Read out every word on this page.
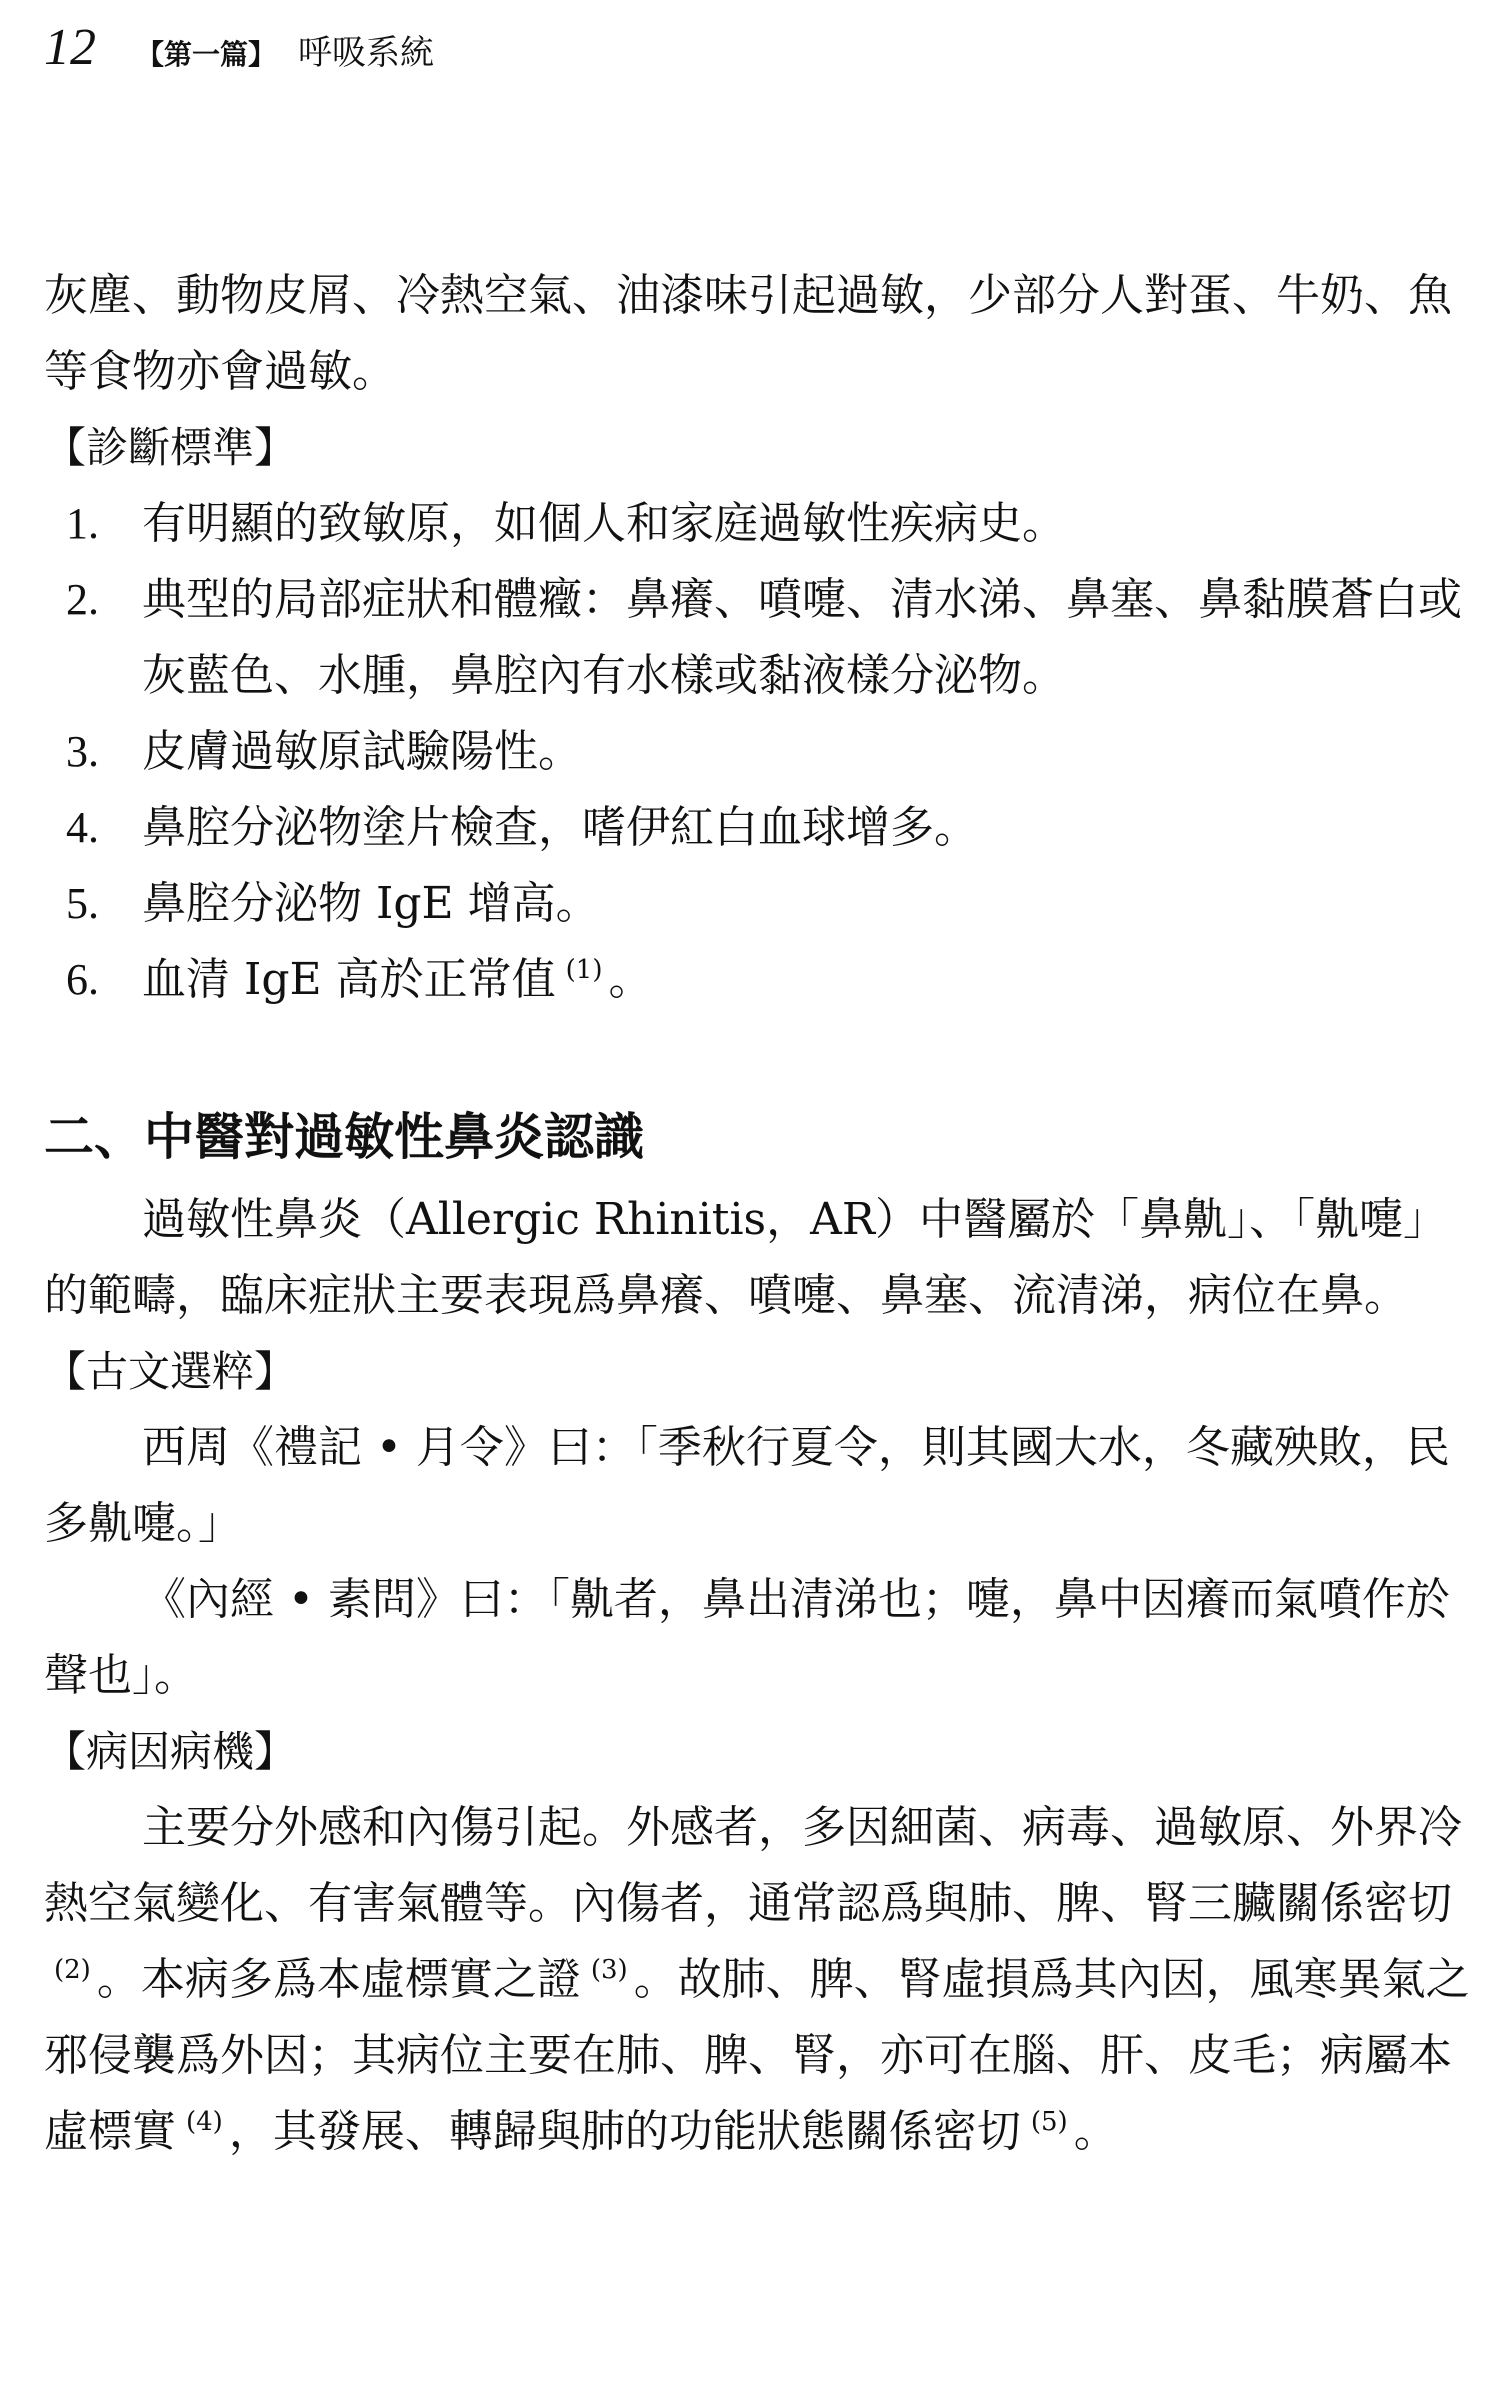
12 【第一篇】 呼吸系統

灰塵、動物皮屑、冷熱空氣、油漆味引起過敏，少部分人對蛋、牛奶、魚等食物亦會過敏。

【診斷標準】

1. 有明顯的致敏原，如個人和家庭過敏性疾病史。
2. 典型的局部症狀和體癥：鼻癢、噴嚏、清水涕、鼻塞、鼻黏膜蒼白或灰藍色、水腫，鼻腔內有水樣或黏液樣分泌物。
3. 皮膚過敏原試驗陽性。
4. 鼻腔分泌物塗片檢查，嗜伊紅白血球增多。
5. 鼻腔分泌物 IgE 增高。
6. 血清 IgE 高於正常值 $^{(1)}$ 。
二、中醫對過敏性鼻炎認識

過敏性鼻炎（Allergic Rhinitis，AR）中醫屬於「鼻鼽」、「鼽嚏」的範疇，臨床症狀主要表現爲鼻癢、噴嚏、鼻塞、流清涕，病位在鼻。

【古文選粹】

西周《禮記 • 月令》曰：「季秋行夏令，則其國大水，冬藏殃敗，民多鼽嚏。」

《內經 • 素問》曰：「鼽者，鼻出清涕也；嚏，鼻中因癢而氣噴作於聲也」。

【病因病機】

主要分外感和內傷引起。外感者，多因細菌、病毒、過敏原、外界冷熱空氣變化、有害氣體等。內傷者，通常認爲與肺、脾、腎三臟關係密切$^{(2)}$ 。本病多爲本虛標實之證 $^{(3)}$ 。故肺、脾、腎虛損爲其內因，風寒異氣之邪侵襲爲外因；其病位主要在肺、脾、腎，亦可在腦、肝、皮毛；病屬本虛標實 $^{(4)}$ ，其發展、轉歸與肺的功能狀態關係密切 $^{(5)}$ 。
